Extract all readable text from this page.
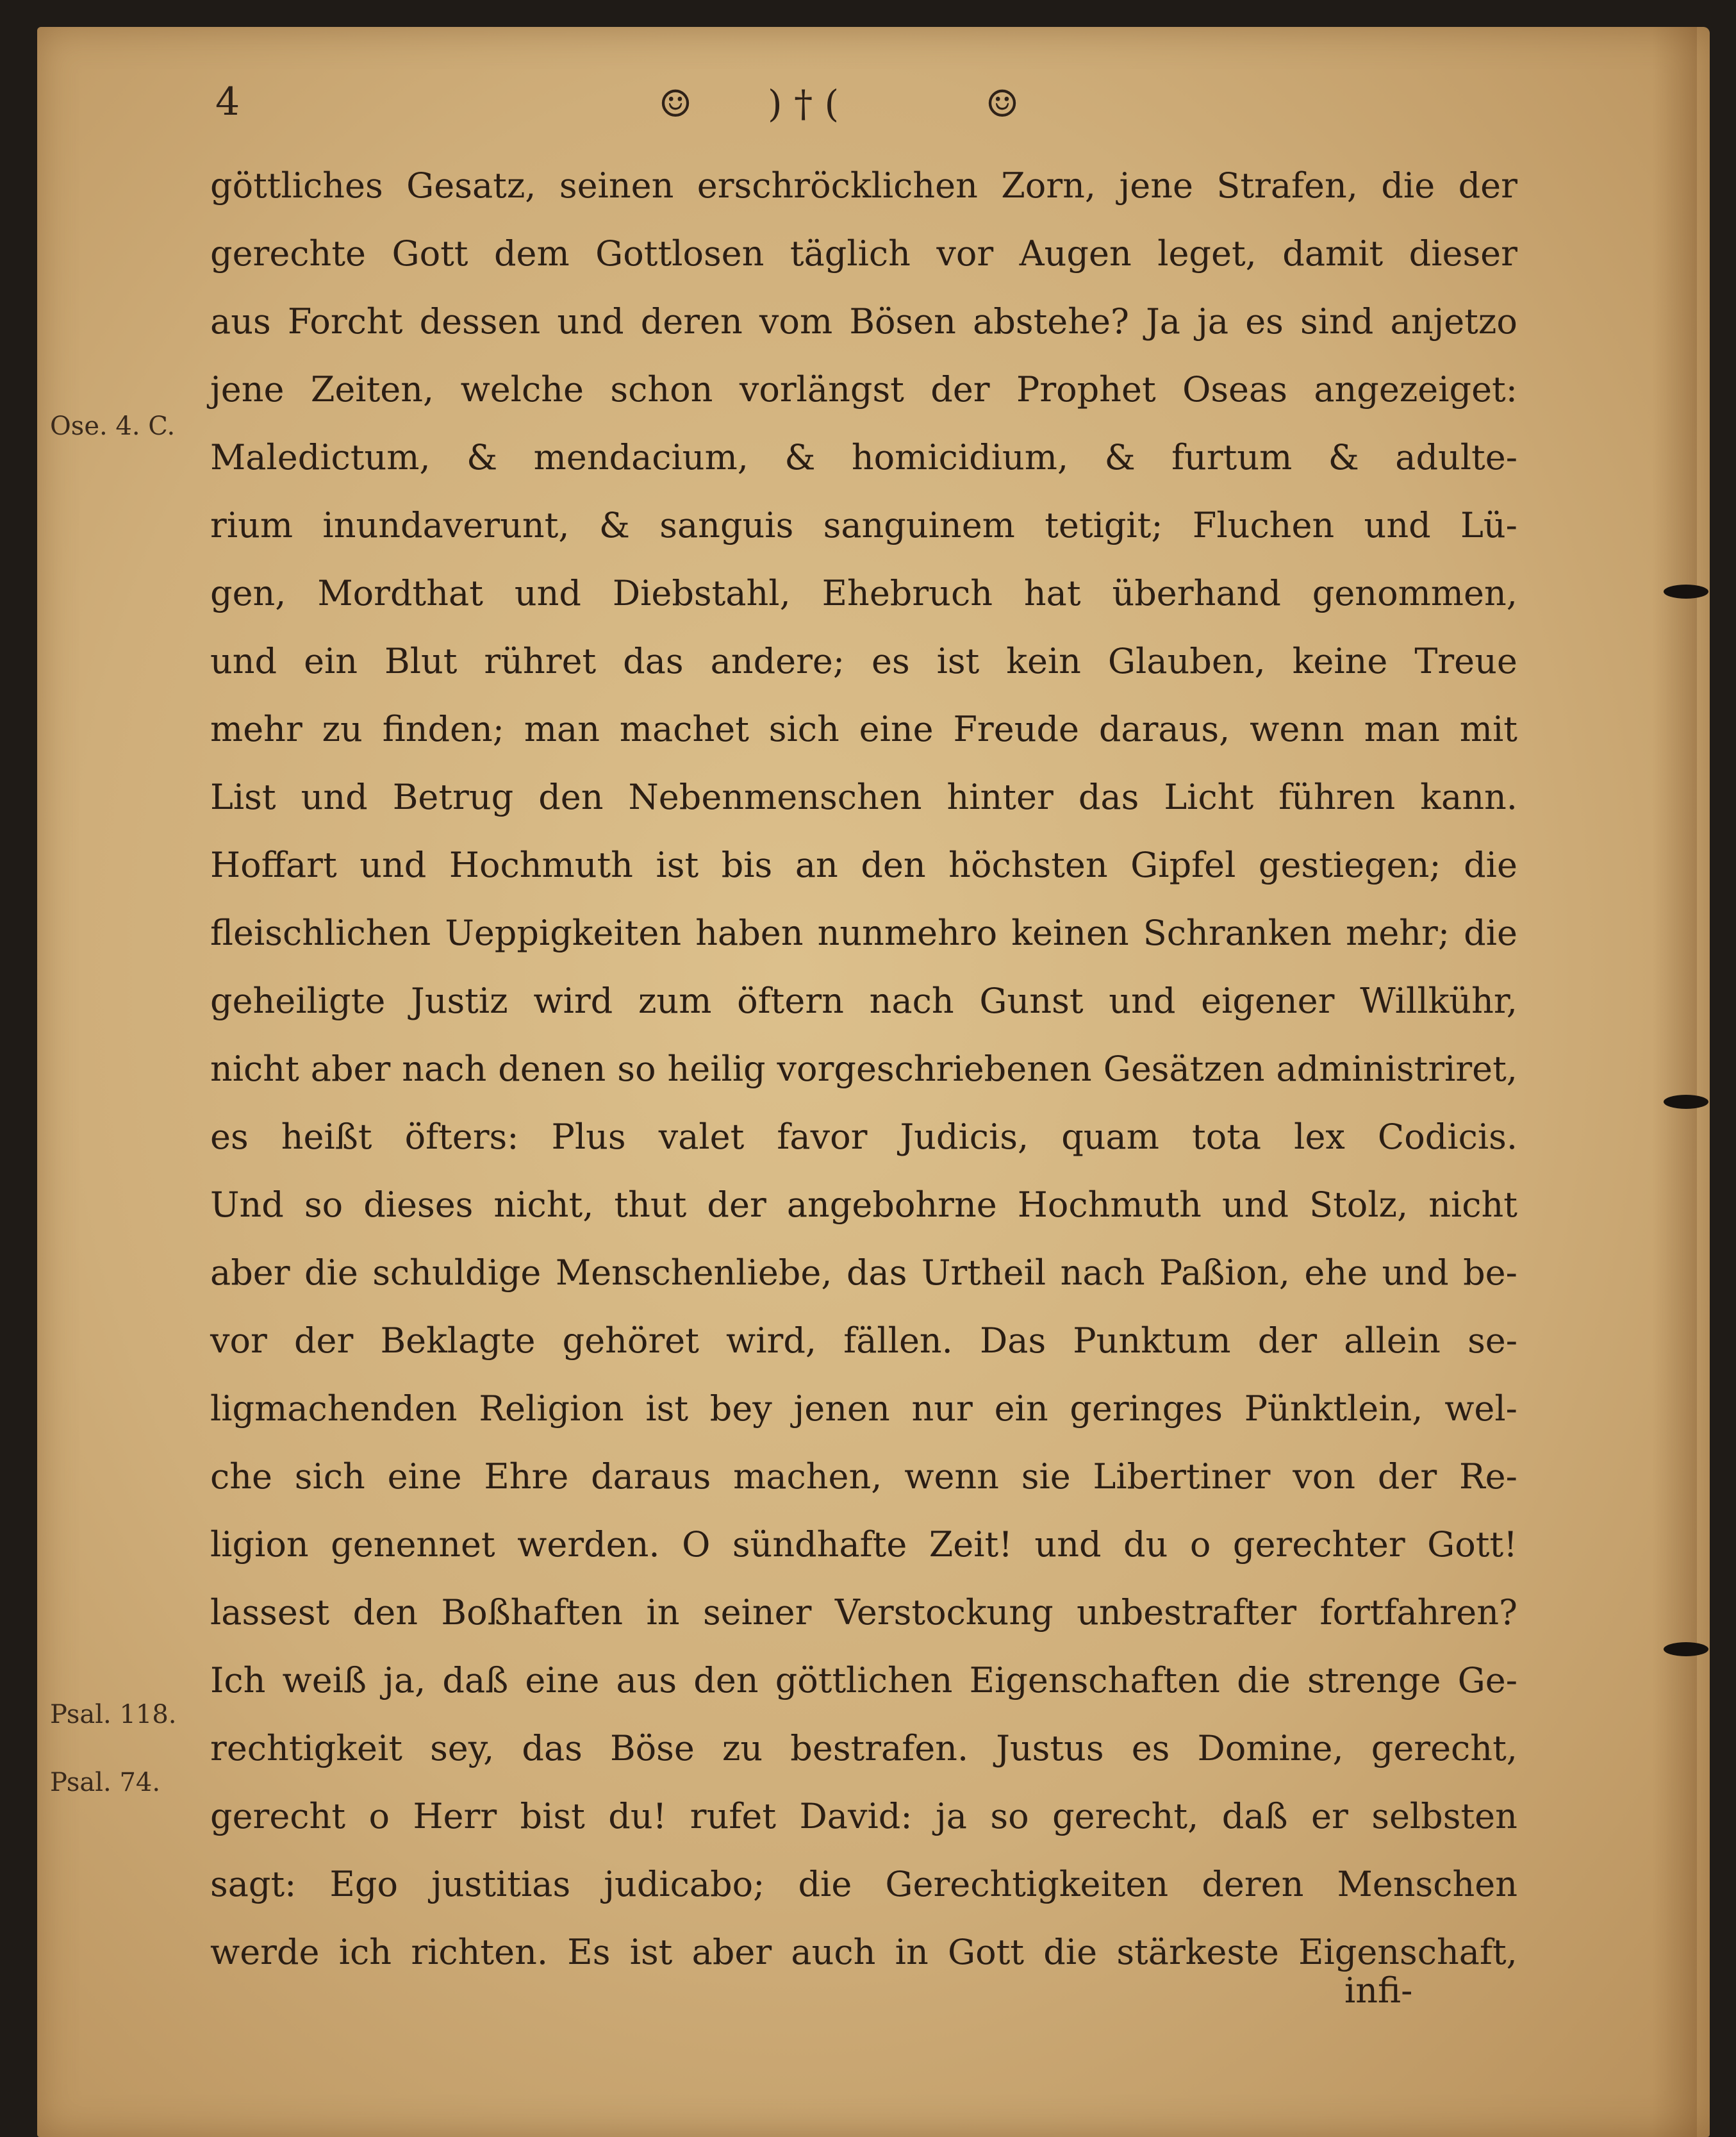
4	☺ ) † (	☺
Ose. 4. C.
Psal. 118.
Psal. 74.
göttliches Gesatz, seinen erschröcklichen Zorn, jene Strafen, die der
gerechte Gott dem Gottlosen täglich vor Augen leget, damit dieser
aus Forcht dessen und deren vom Bösen abstehe? Ja ja es sind anjetzo
jene Zeiten, welche schon vorlängst der Prophet Oseas angezeiget:
Maledictum, & mendacium, & homicidium, & furtum & adulte-
rium inundaverunt, & sanguis sanguinem tetigit; Fluchen und Lü-
gen, Mordthat und Diebstahl, Ehebruch hat überhand genommen,
und ein Blut rühret das andere; es ist kein Glauben, keine Treue
mehr zu finden; man machet sich eine Freude daraus, wenn man mit
List und Betrug den Nebenmenschen hinter das Licht führen kann.
Hoffart und Hochmuth ist bis an den höchsten Gipfel gestiegen; die
fleischlichen Ueppigkeiten haben nunmehro keinen Schranken mehr; die
geheiligte Justiz wird zum öftern nach Gunst und eigener Willkühr,
nicht aber nach denen so heilig vorgeschriebenen Gesätzen administriret,
es heißt öfters: Plus valet favor Judicis, quam tota lex Codicis.
Und so dieses nicht, thut der angebohrne Hochmuth und Stolz, nicht
aber die schuldige Menschenliebe, das Urtheil nach Paßion, ehe und be-
vor der Beklagte gehöret wird, fällen. Das Punktum der allein se-
ligmachenden Religion ist bey jenen nur ein geringes Pünktlein, wel-
che sich eine Ehre daraus machen, wenn sie Libertiner von der Re-
ligion genennet werden. O sündhafte Zeit! und du o gerechter Gott!
lassest den Boßhaften in seiner Verstockung unbestrafter fortfahren?
Ich weiß ja, daß eine aus den göttlichen Eigenschaften die strenge Ge-
rechtigkeit sey, das Böse zu bestrafen. Justus es Domine, gerecht,
gerecht o Herr bist du! rufet David: ja so gerecht, daß er selbsten
sagt: Ego justitias judicabo; die Gerechtigkeiten deren Menschen
werde ich richten. Es ist aber auch in Gott die stärkeste Eigenschaft,
infi-
